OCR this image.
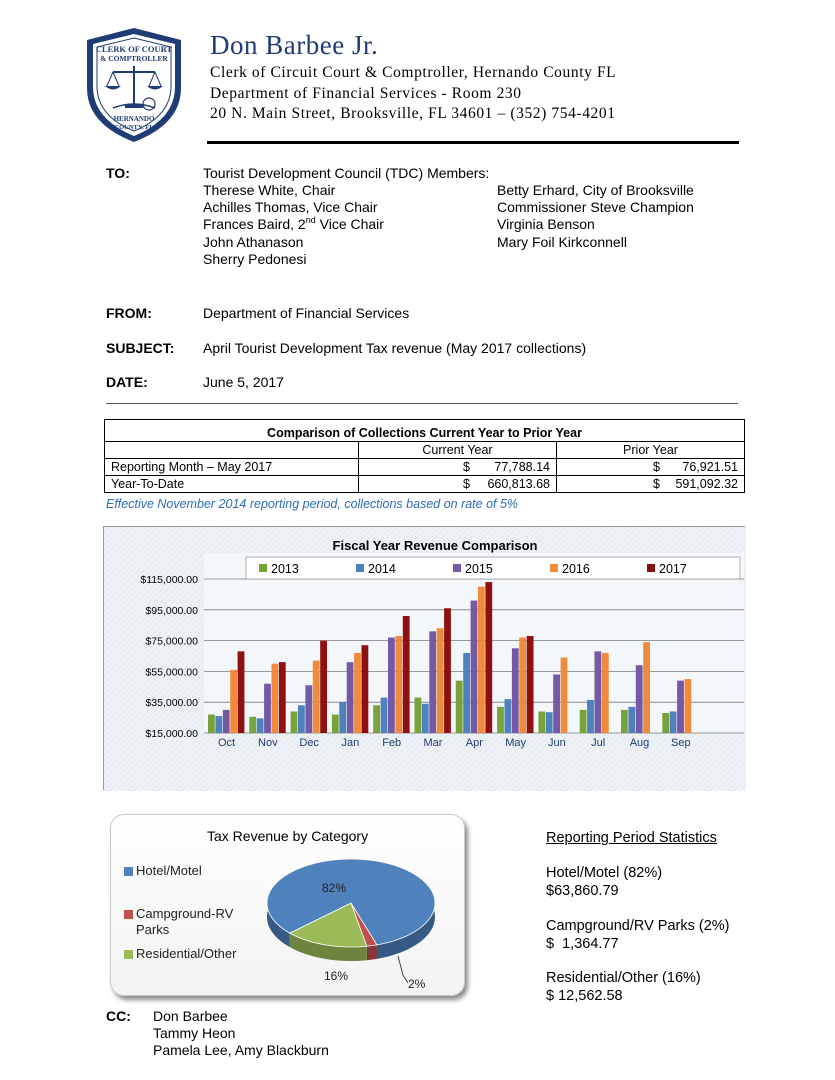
CLERK OF COURT
& COMPTROLLER
HERNANDO
COUNTY, FL
Don Barbee Jr.
Clerk of Circuit Court & Comptroller, Hernando County FL
Department of Financial Services - Room 230
20 N. Main Street, Brooksville, FL 34601 – (352) 754-4201
TO:	Tourist Development Council (TDC) Members:
Therese White, Chair
Achilles Thomas, Vice Chair
Frances Baird, 2nd Vice Chair
John Athanason
Sherry Pedonesi
Betty Erhard, City of Brooksville
Commissioner Steve Champion
Virginia Benson
Mary Foil Kirkconnell
FROM:	Department of Financial Services
SUBJECT: April Tourist Development Tax revenue (May 2017 collections)
DATE:	June 5, 2017
Comparison of Collections Current Year to Prior Year		
	Current Year	Prior Year
Reporting Month – May 2017	$ 77,788.14	$ 76,921.51

Year-To-Date	$ 660,813.68	$ 591,092.32
Effective November 2014 reporting period, collections based on rate of 5%
Fiscal Year Revenue Comparison
$15,000.00
$35,000.00
$55,000.00
$75,000.00
$95,000.00
$115,000.00
Oct Nov Dec Jan Feb Mar Apr May Jun Jul Aug Sep
2013	2014	2015	2016	2017
Tax Revenue by Category
Hotel/Motel
Campground-RV
Parks
Residential/Other
82%
16%
2%
Reporting Period Statistics
Hotel/Motel (82%)
$63,860.79
Campground/RV Parks (2%)
$  1,364.77
Residential/Other (16%)
$ 12,562.58
CC: Don Barbee
Tammy Heon
Pamela Lee, Amy Blackburn
